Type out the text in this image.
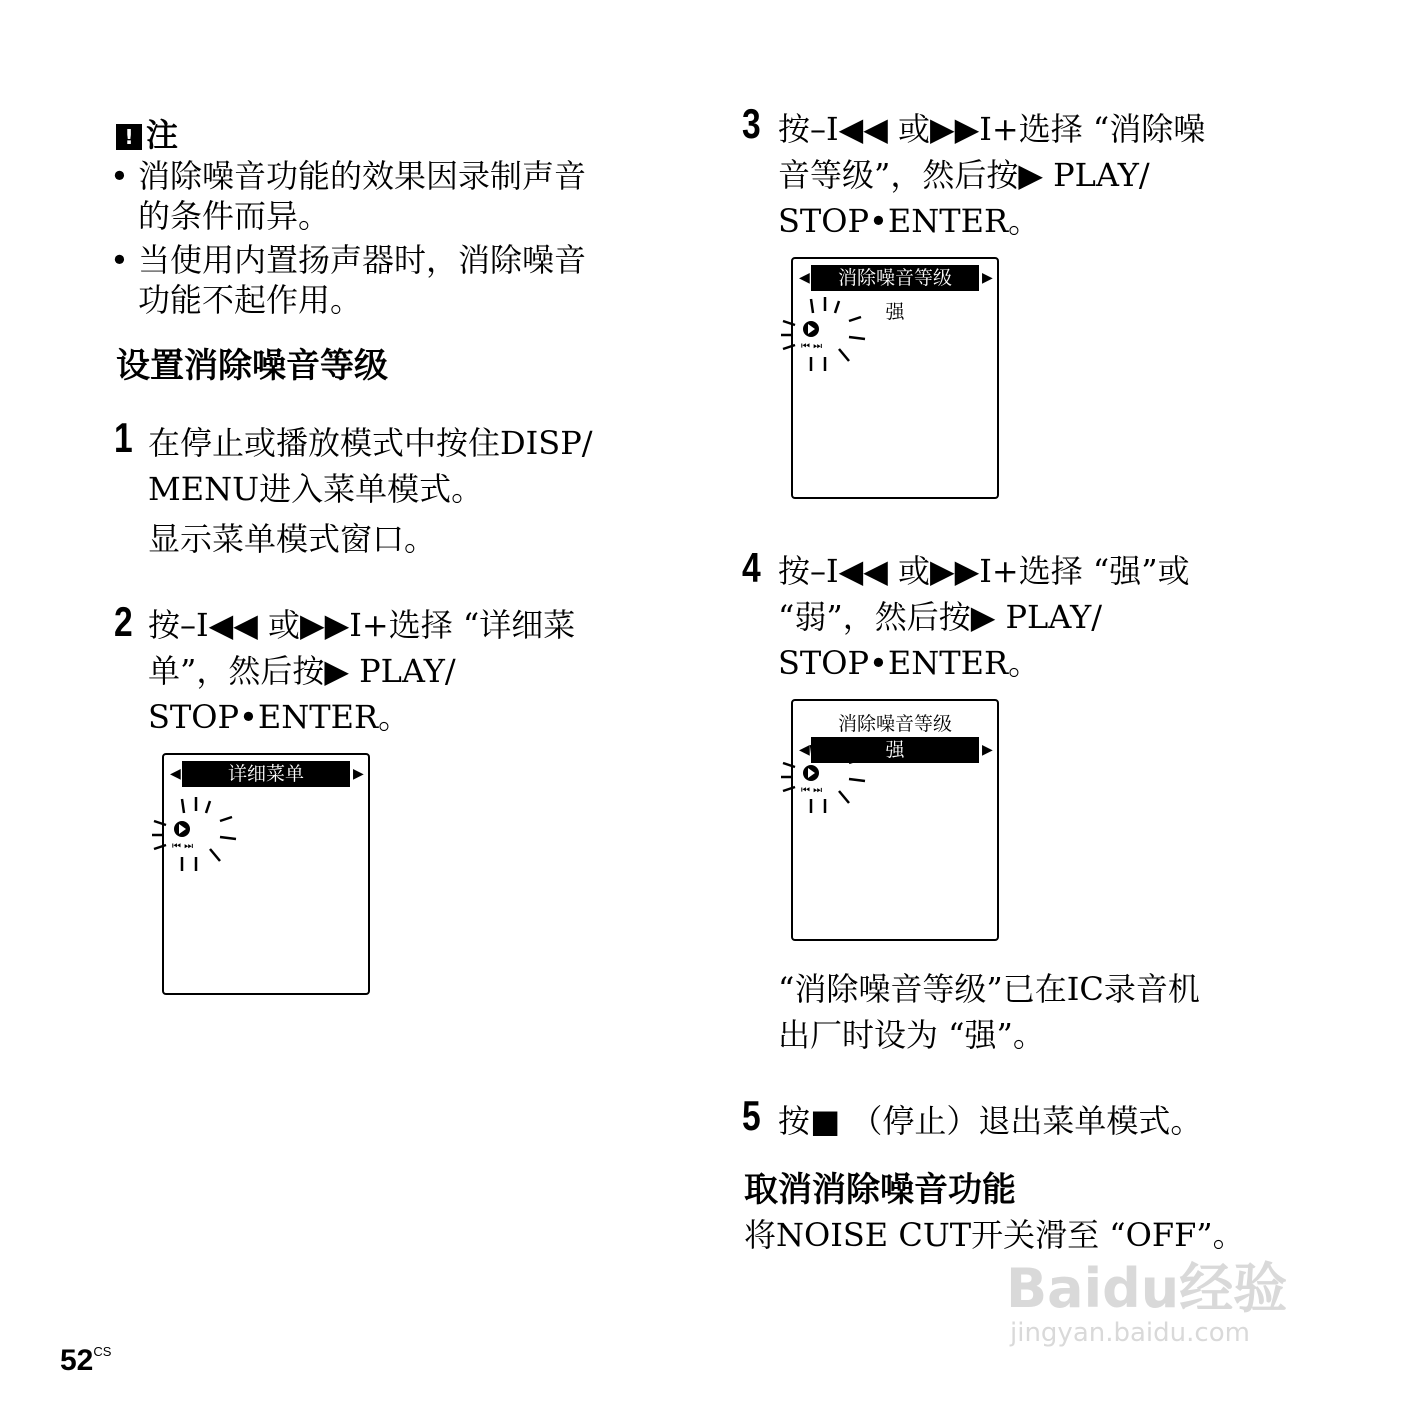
! 注
• 消除噪音功能的效果因录制声音
的条件而异。
• 当使用内置扬声器时，消除噪音
功能不起作用。
设置消除噪音等级
1 在停止或播放模式中按住DISP/
MENU进入菜单模式。
显示菜单模式窗口。
2 按–I◀◀ 或▶▶I+选择 “详细菜
单”，然后按▶ PLAY/
STOP•ENTER。
◀	详细菜单	▶
⏮ ⏭
3 按–I◀◀ 或▶▶I+选择 “消除噪
音等级”，然后按▶ PLAY/
STOP•ENTER。
◀	消除噪音等级	▶
强
⏮ ⏭
4 按–I◀◀ 或▶▶I+选择 “强”或
“弱”，然后按▶ PLAY/
STOP•ENTER。
消除噪音等级
◀	强	▶
⏮ ⏭
“消除噪音等级”已在IC录音机
出厂时设为 “强”。
5 按■ （停止）退出菜单模式。
取消消除噪音功能
将NOISE CUT开关滑至 “OFF”。
$52^{CS}$
Baidu经验
jingyan.baidu.com
